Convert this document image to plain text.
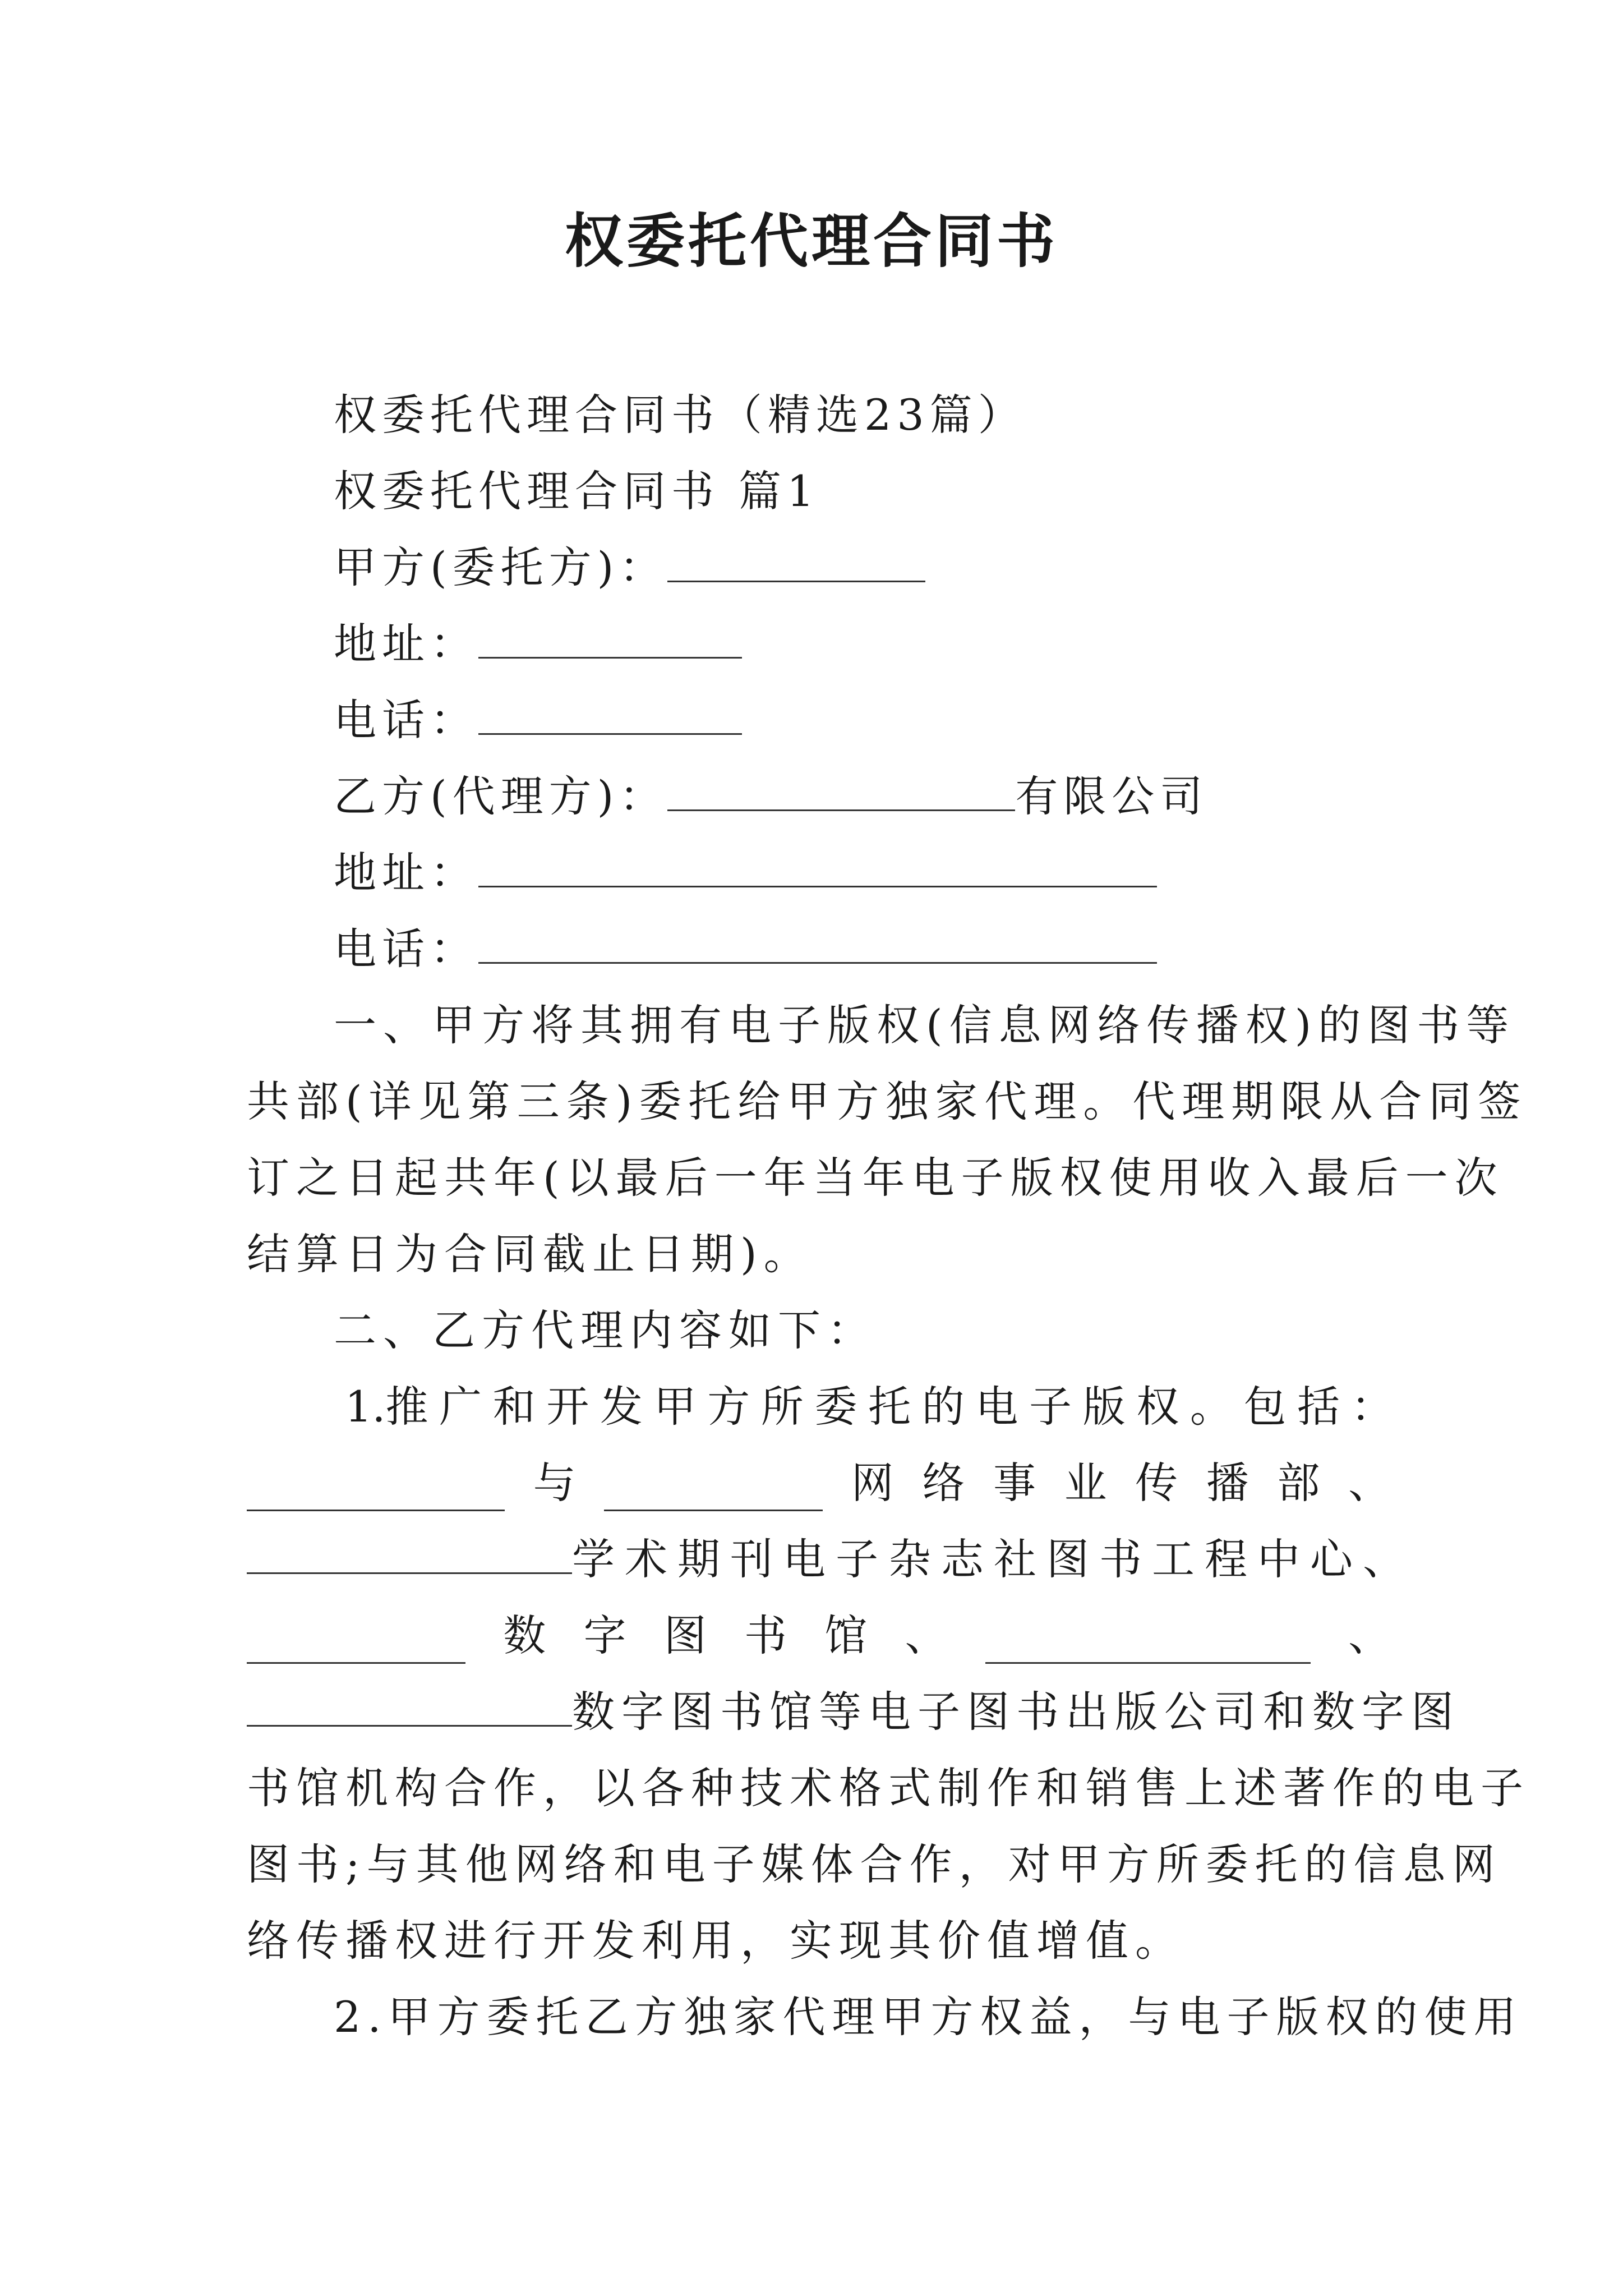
权委托代理合同书
权委托代理合同书（精选23篇）
权委托代理合同书 篇1
甲方(委托方)：
地址：
电话：
乙方(代理方)：	有限公司
地址：
电话：
一、甲方将其拥有电子版权(信息网络传播权)的图书等
共部(详见第三条)委托给甲方独家代理。代理期限从合同签
订之日起共年(以最后一年当年电子版权使用收入最后一次
结算日为合同截止日期)。
二、乙方代理内容如下：
1.推 广 和 开 发 甲 方 所 委 托 的 电 子 版 权 。 包 括 ：
与	网 络 事 业 传 播 部 、
学术期刊电子杂志社图书工程中心、
数 字 图 书 馆 、	、
数字图书馆等电子图书出版公司和数字图
书馆机构合作，以各种技术格式制作和销售上述著作的电子
图书;与其他网络和电子媒体合作，对甲方所委托的信息网
络传播权进行开发利用，实现其价值增值。
2.甲方委托乙方独家代理甲方权益，与电子版权的使用
